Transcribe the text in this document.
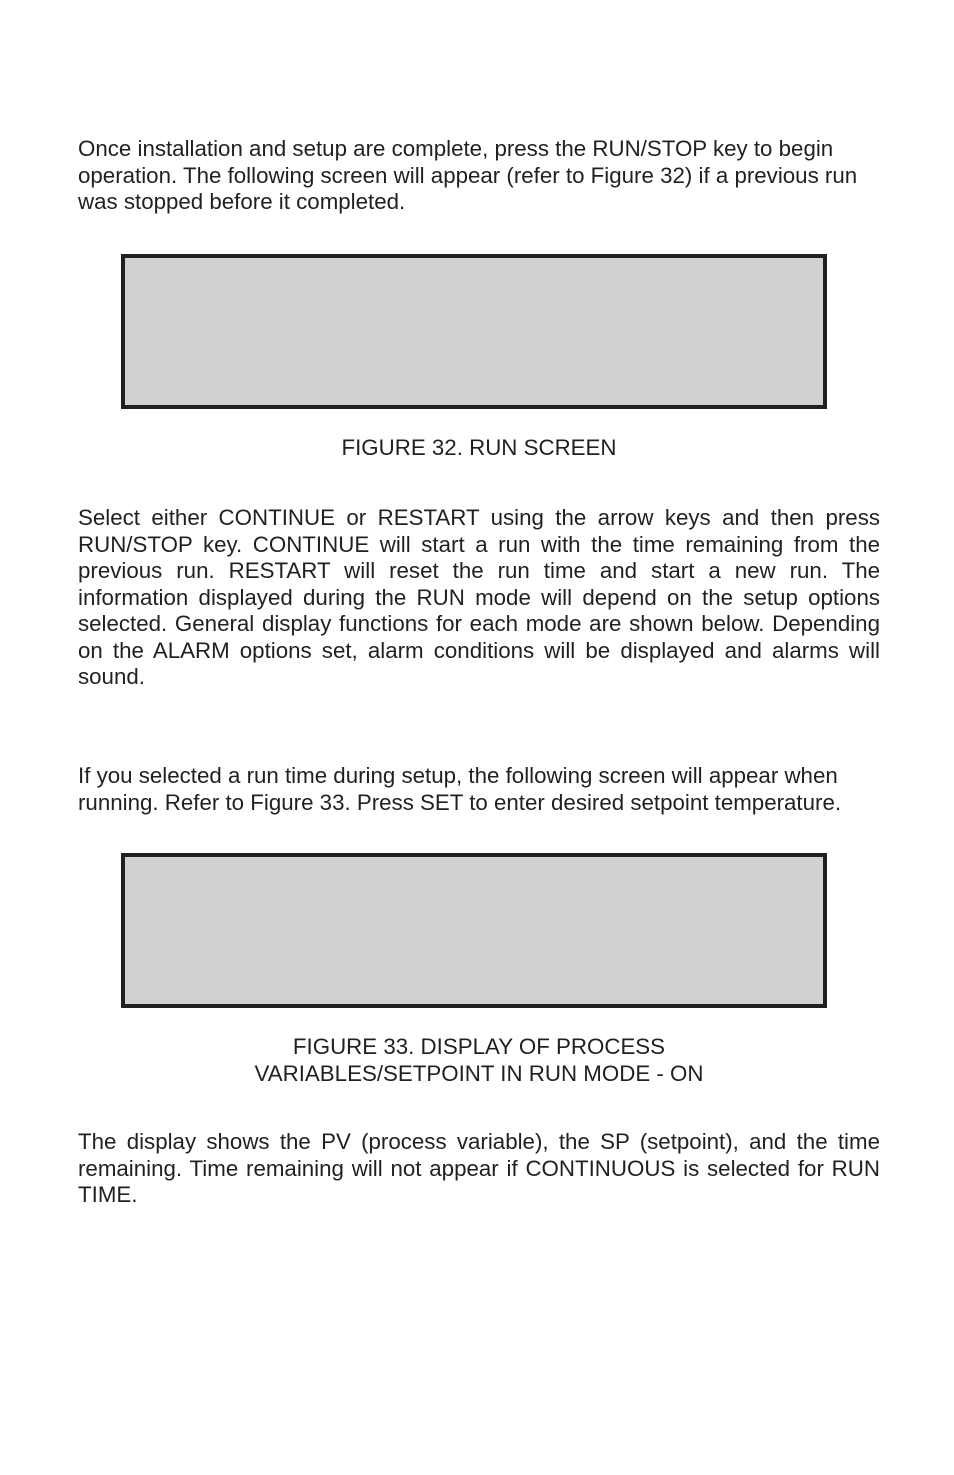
Once installation and setup are complete, press the RUN/STOP key to begin operation. The following screen will appear (refer to Figure 32) if a previous run was stopped before it completed.

FIGURE 32. RUN SCREEN

Select either CONTINUE or RESTART using the arrow keys and then press RUN/STOP key. CONTINUE will start a run with the time remaining from the previous run. RESTART will reset the run time and start a new run. The information displayed during the RUN mode will depend on the setup options selected. General display functions for each mode are shown below. Depending on the ALARM options set, alarm conditions will be displayed and alarms will sound.

If you selected a run time during setup, the following screen will appear when running. Refer to Figure 33. Press SET to enter desired setpoint temperature.

FIGURE 33. DISPLAY OF PROCESS
VARIABLES/SETPOINT IN RUN MODE - ON

The display shows the PV (process variable), the SP (setpoint), and the time remaining. Time remaining will not appear if CONTINUOUS is selected for RUN TIME.
